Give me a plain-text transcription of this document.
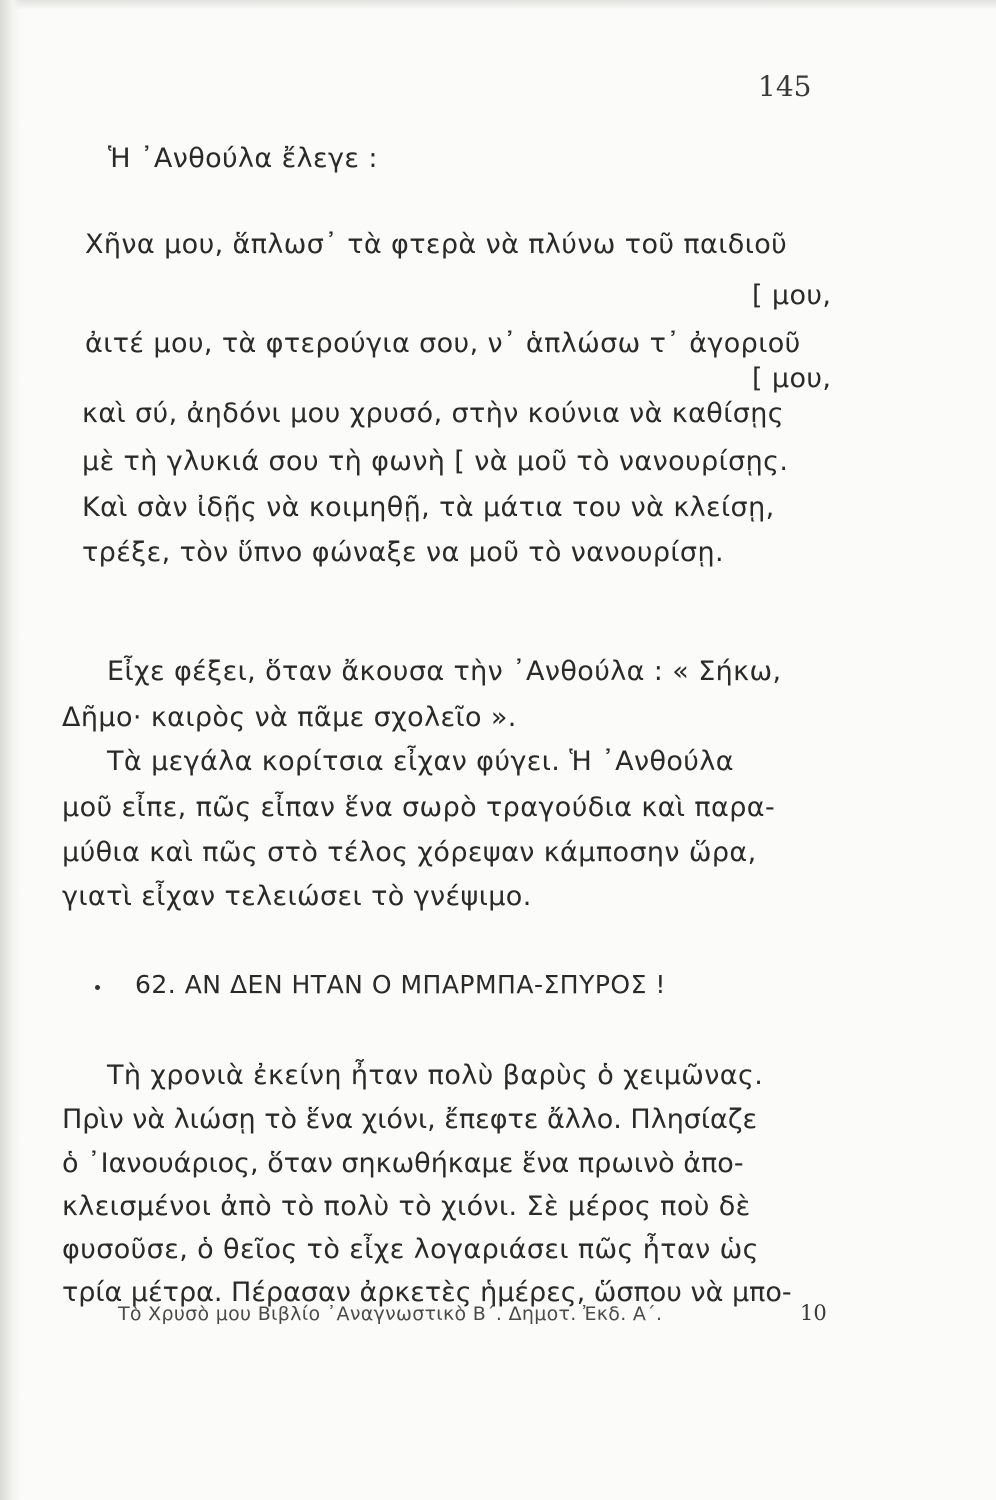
145
Ἡ ᾿Ανθούλα ἔλεγε :
Χῆνα μου, ἅπλωσ᾽ τὰ φτερὰ νὰ πλύνω τοῦ παιδιοῦ
[ μου,
ἀιτέ μου, τὰ φτερούγια σου, ν᾽ ἁπλώσω τ᾽ ἀγοριοῦ
[ μου,
καὶ σύ, ἀηδόνι μου χρυσό, στὴν κούνια νὰ καθίσῃς
μὲ τὴ γλυκιά σου τὴ φωνὴ [ νὰ μοῦ τὸ νανουρίσῃς.
Καὶ σὰν ἰδῇς νὰ κοιμηθῇ, τὰ μάτια του νὰ κλείσῃ,
τρέξε, τὸν ὕπνο φώναξε να μοῦ τὸ νανουρίσῃ.
Εἶχε φέξει, ὅταν ἄκουσα τὴν ᾿Ανθούλα : « Σήκω,
Δῆμο· καιρὸς νὰ πᾶμε σχολεῖο ».
Τὰ μεγάλα κορίτσια εἶχαν φύγει. Ἡ ᾿Ανθούλα
μοῦ εἶπε, πῶς εἶπαν ἕνα σωρὸ τραγούδια καὶ παρα-
μύθια καὶ πῶς στὸ τέλος χόρεψαν κάμποσην ὥρα,
γιατὶ εἶχαν τελειώσει τὸ γνέψιμο.
62. ΑΝ ΔΕΝ ΗΤΑΝ Ο ΜΠΑΡΜΠΑ-ΣΠΥΡΟΣ !
Τὴ χρονιὰ ἐκείνη ἦταν πολὺ βαρὺς ὁ χειμῶνας.
Πρὶν νὰ λιώσῃ τὸ ἕνα χιόνι, ἔπεφτε ἄλλο. Πλησίαζε
ὁ ᾿Ιανουάριος, ὅταν σηκωθήκαμε ἕνα πρωινὸ ἀπο-
κλεισμένοι ἀπὸ τὸ πολὺ τὸ χιόνι. Σὲ μέρος ποὺ δὲ
φυσοῦσε, ὁ θεῖος τὸ εἶχε λογαριάσει πῶς ἦταν ὡς
τρία μέτρα. Πέρασαν ἀρκετὲς ἡμέρες, ὥσπου νὰ μπο-
Τὸ Χρυσὸ μου Βιβλίο ᾿Αναγνωστικὸ Β΄. Δημοτ. Ἐκδ. Α΄.	10
